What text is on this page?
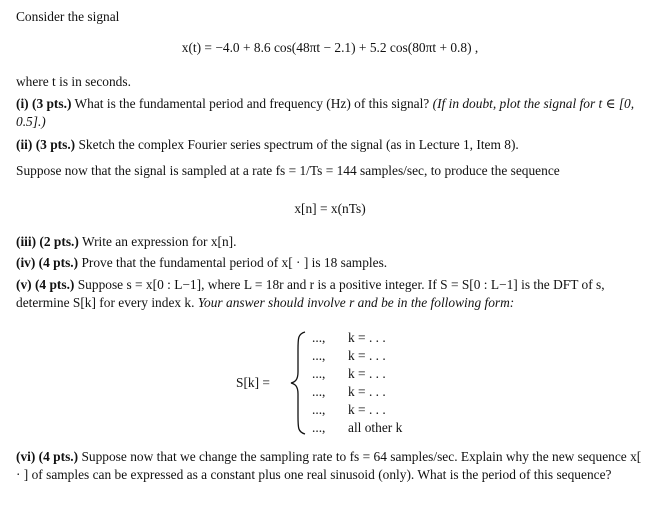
Consider the signal
x(t) = −4.0 + 8.6 cos(48πt − 2.1) + 5.2 cos(80πt + 0.8) ,
where t is in seconds.
(i) (3 pts.) What is the fundamental period and frequency (Hz) of this signal? (If in doubt, plot the signal for t ∈ [0, 0.5].)
(ii) (3 pts.) Sketch the complex Fourier series spectrum of the signal (as in Lecture 1, Item 8).
Suppose now that the signal is sampled at a rate fs = 1/Ts = 144 samples/sec, to produce the sequence
x[n] = x(nTs)
(iii) (2 pts.) Write an expression for x[n].
(iv) (4 pts.) Prove that the fundamental period of x[ · ] is 18 samples.
(v) (4 pts.) Suppose s = x[0 : L−1], where L = 18r and r is a positive integer. If S = S[0 : L−1] is the DFT of s, determine S[k] for every index k. Your answer should involve r and be in the following form:
S[k] =
..., k = . . .
..., k = . . .
..., k = . . .
..., k = . . .
..., k = . . .
..., all other k
(vi) (4 pts.) Suppose now that we change the sampling rate to fs = 64 samples/sec. Explain why the new sequence x[ · ] of samples can be expressed as a constant plus one real sinusoid (only). What is the period of this sequence?
